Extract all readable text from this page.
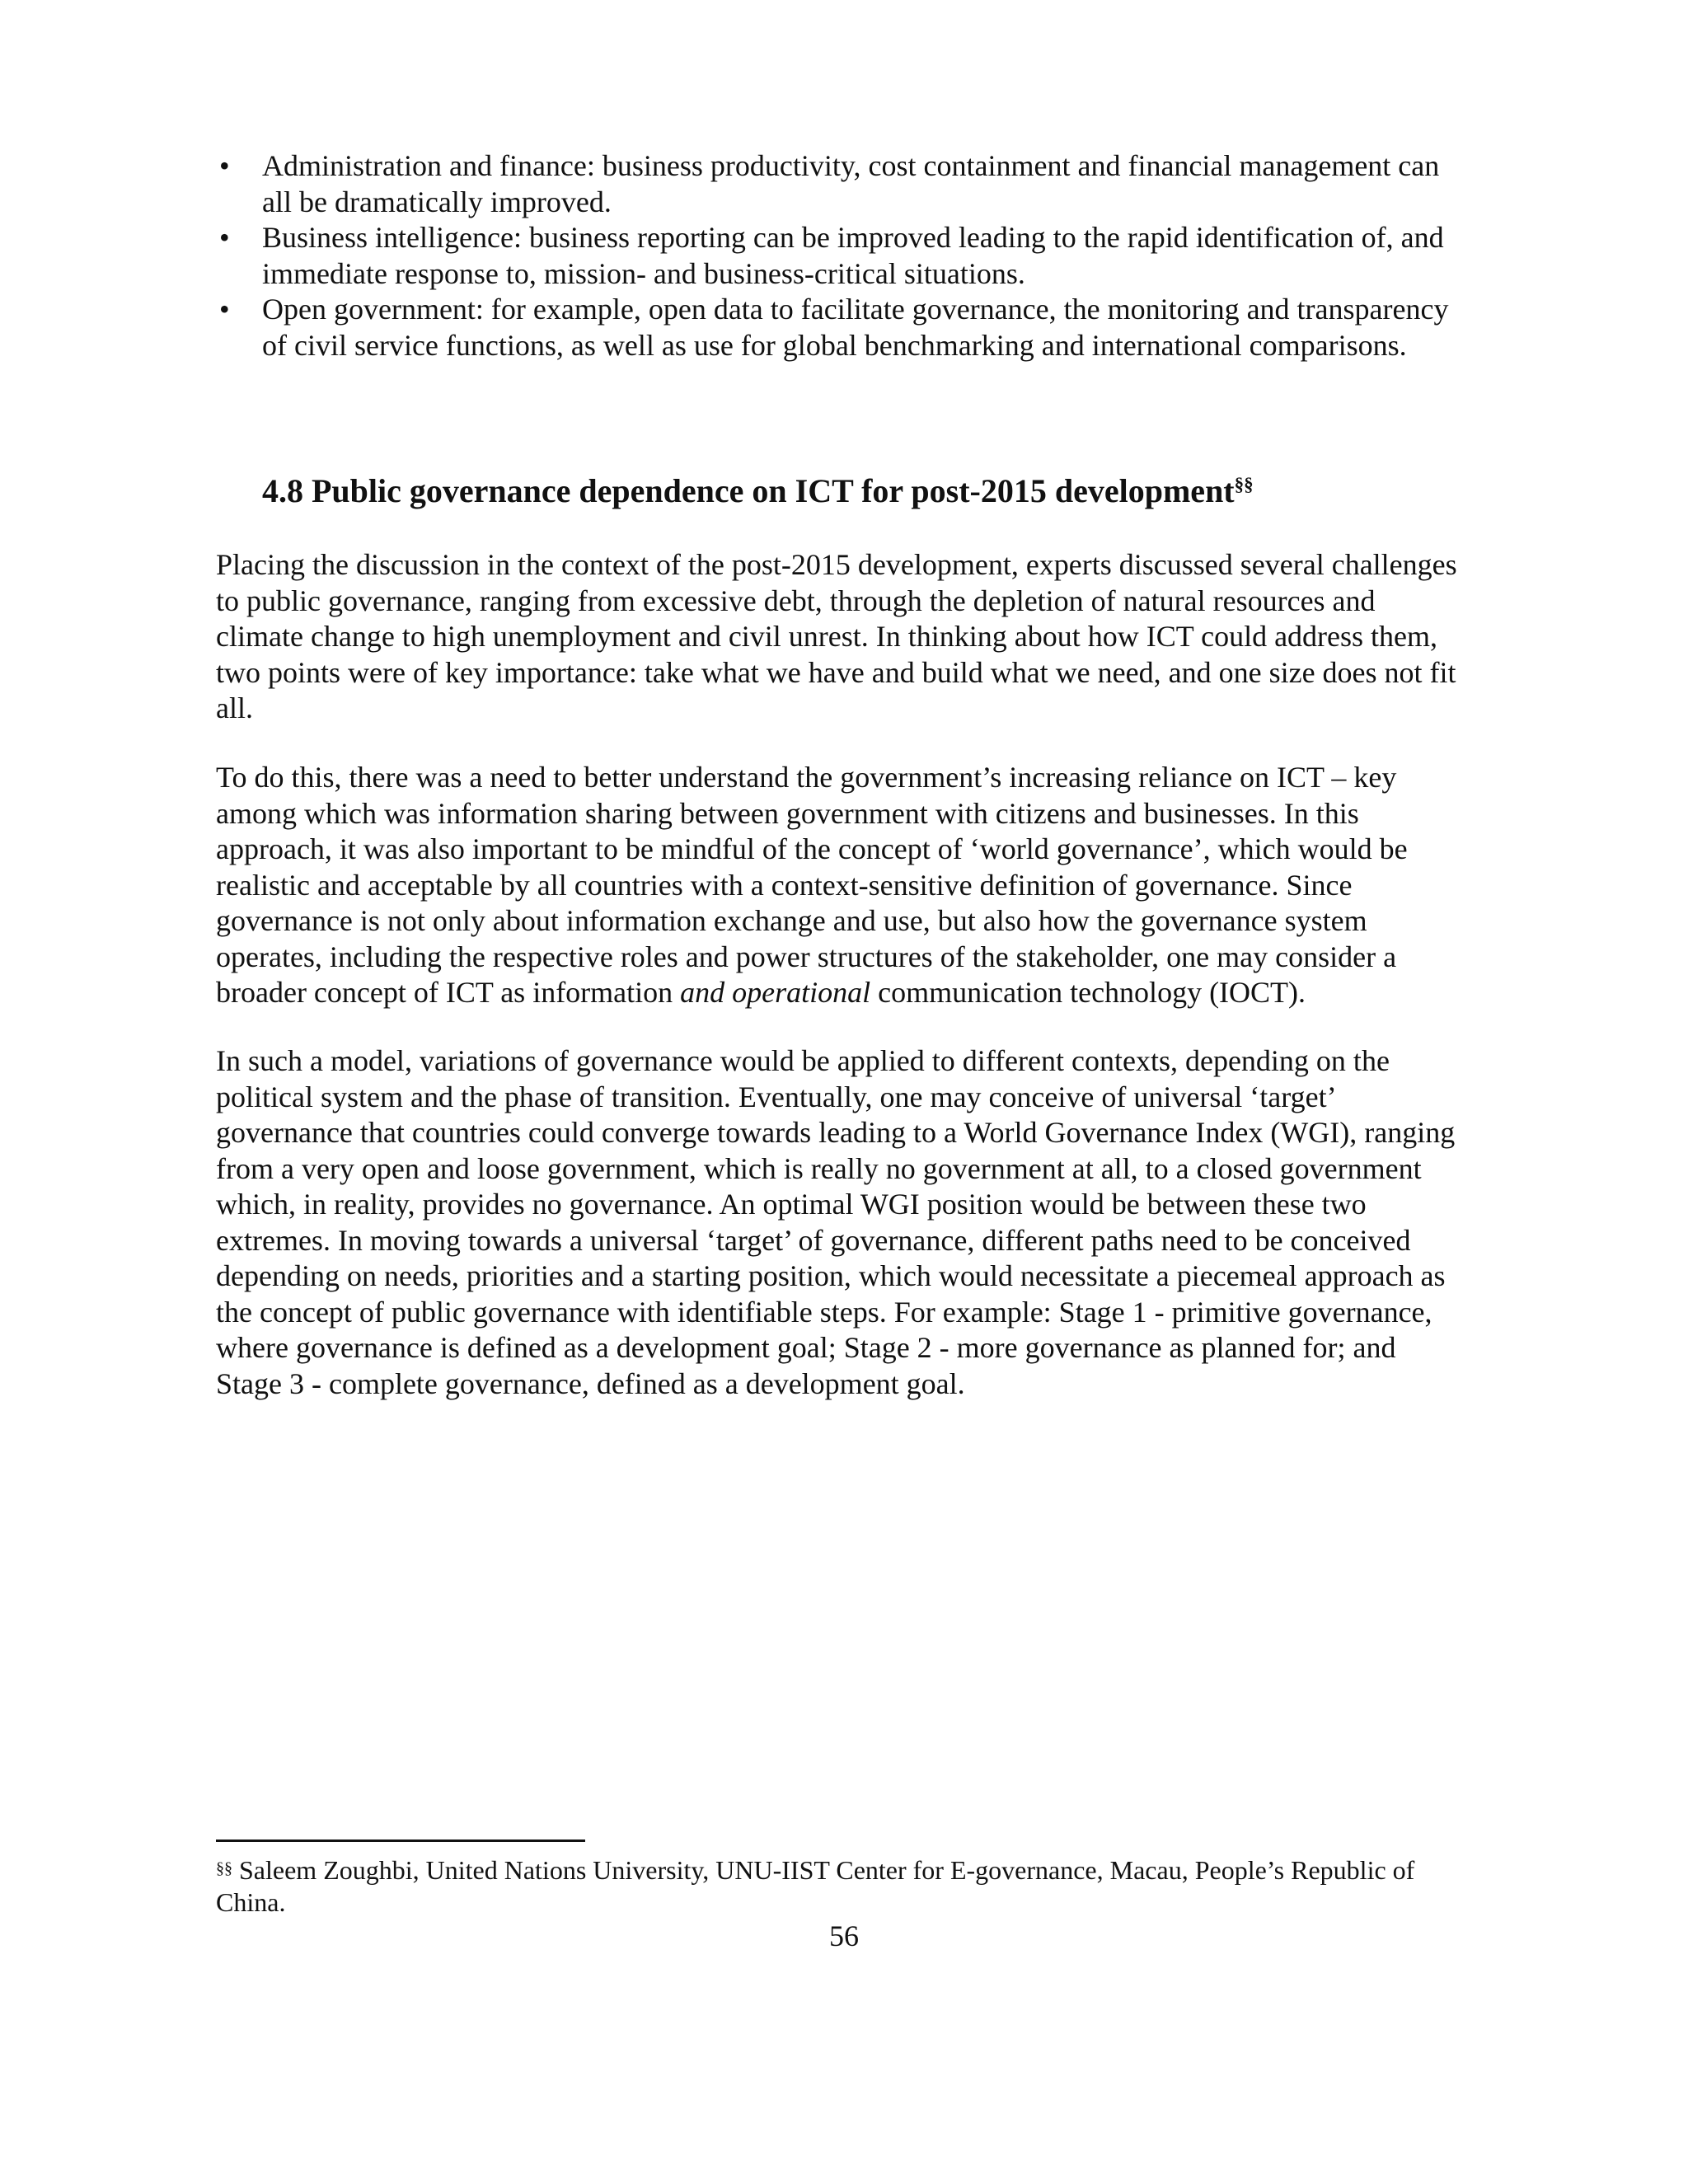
• Administration and finance: business productivity, cost containment and financial management can all be dramatically improved.
• Business intelligence: business reporting can be improved leading to the rapid identification of, and immediate response to, mission- and business-critical situations.
• Open government: for example, open data to facilitate governance, the monitoring and transparency of civil service functions, as well as use for global benchmarking and international comparisons.
4.8 Public governance dependence on ICT for post-2015 development§§

Placing the discussion in the context of the post-2015 development, experts discussed several challenges to public governance, ranging from excessive debt, through the depletion of natural resources and climate change to high unemployment and civil unrest. In thinking about how ICT could address them, two points were of key importance: take what we have and build what we need, and one size does not fit all.

To do this, there was a need to better understand the government’s increasing reliance on ICT – key among which was information sharing between government with citizens and businesses. In this approach, it was also important to be mindful of the concept of ‘world governance’, which would be realistic and acceptable by all countries with a context-sensitive definition of governance. Since governance is not only about information exchange and use, but also how the governance system operates, including the respective roles and power structures of the stakeholder, one may consider a broader concept of ICT as information and operational communication technology (IOCT).

In such a model, variations of governance would be applied to different contexts, depending on the political system and the phase of transition. Eventually, one may conceive of universal ‘target’ governance that countries could converge towards leading to a World Governance Index (WGI), ranging from a very open and loose government, which is really no government at all, to a closed government which, in reality, provides no governance. An optimal WGI position would be between these two extremes. In moving towards a universal ‘target’ of governance, different paths need to be conceived depending on needs, priorities and a starting position, which would necessitate a piecemeal approach as the concept of public governance with identifiable steps. For example: Stage 1 - primitive governance, where governance is defined as a development goal; Stage 2 - more governance as planned for; and Stage 3 - complete governance, defined as a development goal.

§§ Saleem Zoughbi, United Nations University, UNU-IIST Center for E-governance, Macau, People’s Republic of China.

56
